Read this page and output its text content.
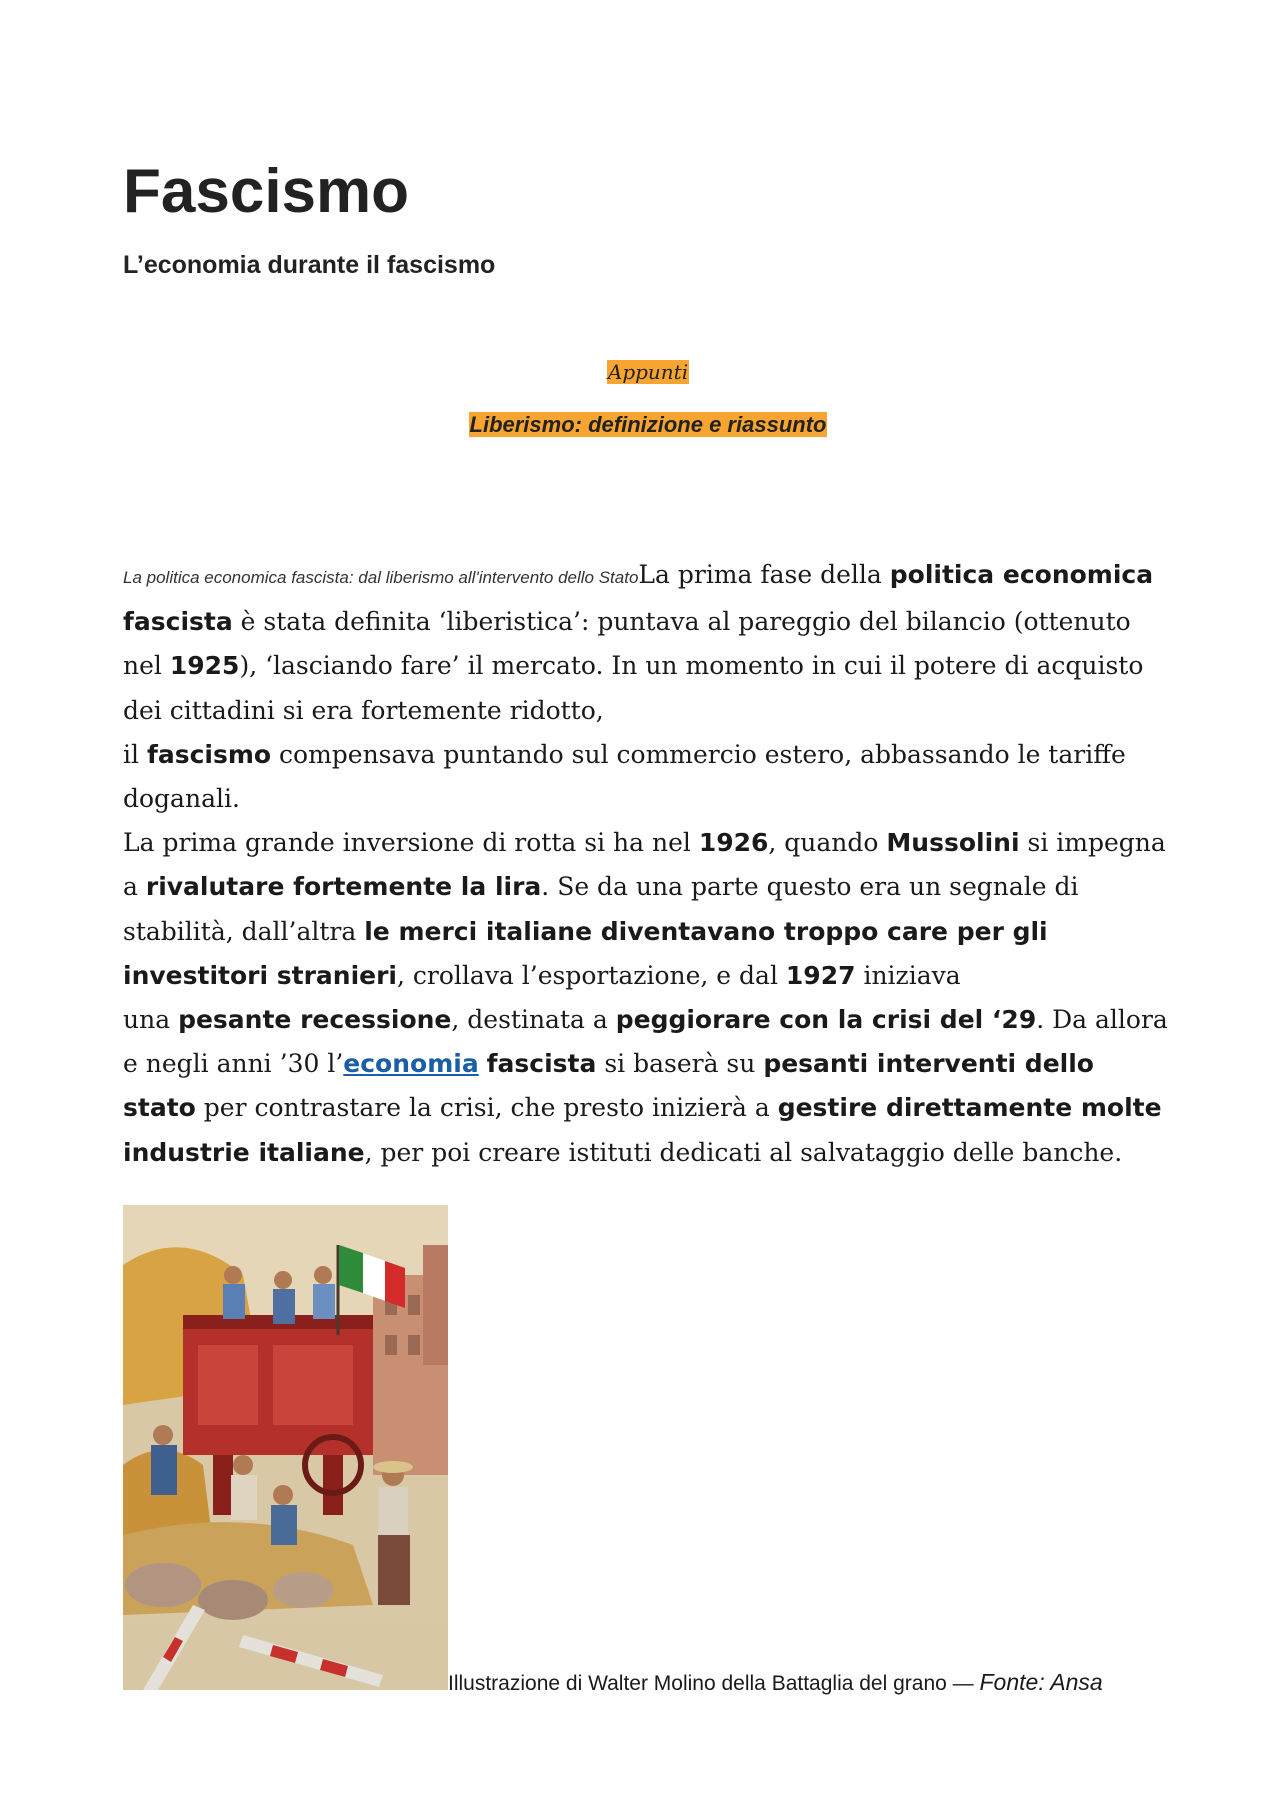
Fascismo
L’economia durante il fascismo
Appunti
Liberismo: definizione e riassunto

La politica economica fascista: dal liberismo all'intervento dello StatoLa prima fase della politica economica fascista è stata definita ‘liberistica’: puntava al pareggio del bilancio (ottenuto nel 1925), ‘lasciando fare’ il mercato. In un momento in cui il potere di acquisto dei cittadini si era fortemente ridotto,
il fascismo compensava puntando sul commercio estero, abbassando le tariffe doganali.
La prima grande inversione di rotta si ha nel 1926, quando Mussolini si impegna a rivalutare fortemente la lira. Se da una parte questo era un segnale di stabilità, dall’altra le merci italiane diventavano troppo care per gli investitori stranieri, crollava l’esportazione, e dal 1927 iniziava
una pesante recessione, destinata a peggiorare con la crisi del ‘29. Da allora e negli anni ’30 l’economia fascista si baserà su pesanti interventi dello stato per contrastare la crisi, che presto inizierà a gestire direttamente molte industrie italiane, per poi creare istituti dedicati al salvataggio delle banche.

Illustrazione di Walter Molino della Battaglia del grano — Fonte: Ansa
